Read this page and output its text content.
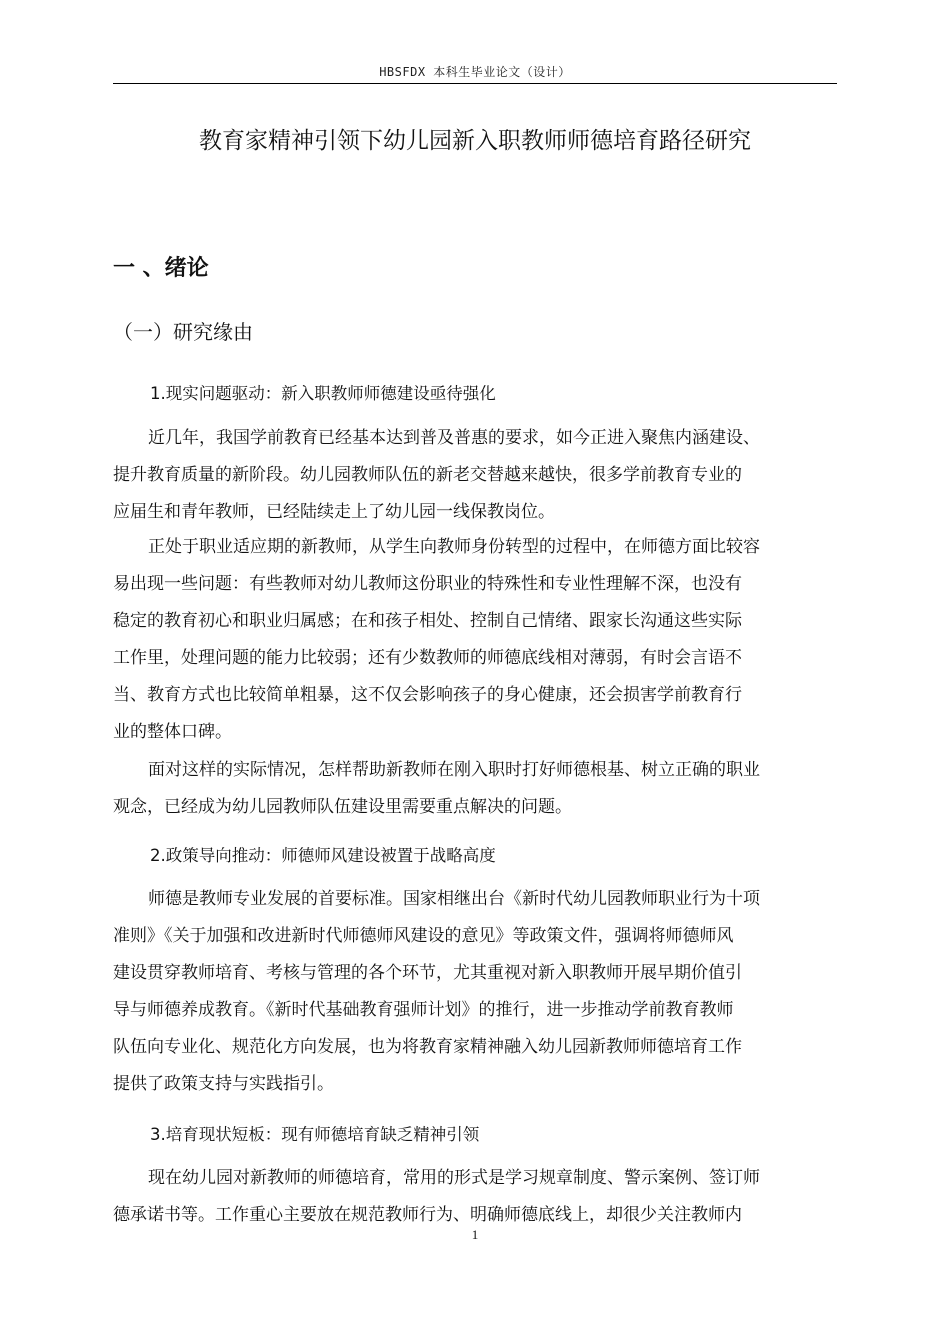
HBSFDX 本科生毕业论文（设计）
教育家精神引领下幼儿园新入职教师师德培育路径研究
一 、绪论
（一）研究缘由
1.现实问题驱动：新入职教师师德建设亟待强化
近几年，我国学前教育已经基本达到普及普惠的要求，如今正进入聚焦内涵建设、
提升教育质量的新阶段。幼儿园教师队伍的新老交替越来越快，很多学前教育专业的
应届生和青年教师，已经陆续走上了幼儿园一线保教岗位。
正处于职业适应期的新教师，从学生向教师身份转型的过程中，在师德方面比较容
易出现一些问题：有些教师对幼儿教师这份职业的特殊性和专业性理解不深，也没有
稳定的教育初心和职业归属感；在和孩子相处、控制自己情绪、跟家长沟通这些实际
工作里，处理问题的能力比较弱；还有少数教师的师德底线相对薄弱，有时会言语不
当、教育方式也比较简单粗暴，这不仅会影响孩子的身心健康，还会损害学前教育行
业的整体口碑。
面对这样的实际情况，怎样帮助新教师在刚入职时打好师德根基、树立正确的职业
观念，已经成为幼儿园教师队伍建设里需要重点解决的问题。
2.政策导向推动：师德师风建设被置于战略高度
师德是教师专业发展的首要标准。国家相继出台《新时代幼儿园教师职业行为十项
准则》《关于加强和改进新时代师德师风建设的意见》等政策文件，强调将师德师风
建设贯穿教师培育、考核与管理的各个环节，尤其重视对新入职教师开展早期价值引
导与师德养成教育。《新时代基础教育强师计划》的推行，进一步推动学前教育教师
队伍向专业化、规范化方向发展，也为将教育家精神融入幼儿园新教师师德培育工作
提供了政策支持与实践指引。
3.培育现状短板：现有师德培育缺乏精神引领
现在幼儿园对新教师的师德培育，常用的形式是学习规章制度、警示案例、签订师
德承诺书等。工作重心主要放在规范教师行为、明确师德底线上，却很少关注教师内
1
